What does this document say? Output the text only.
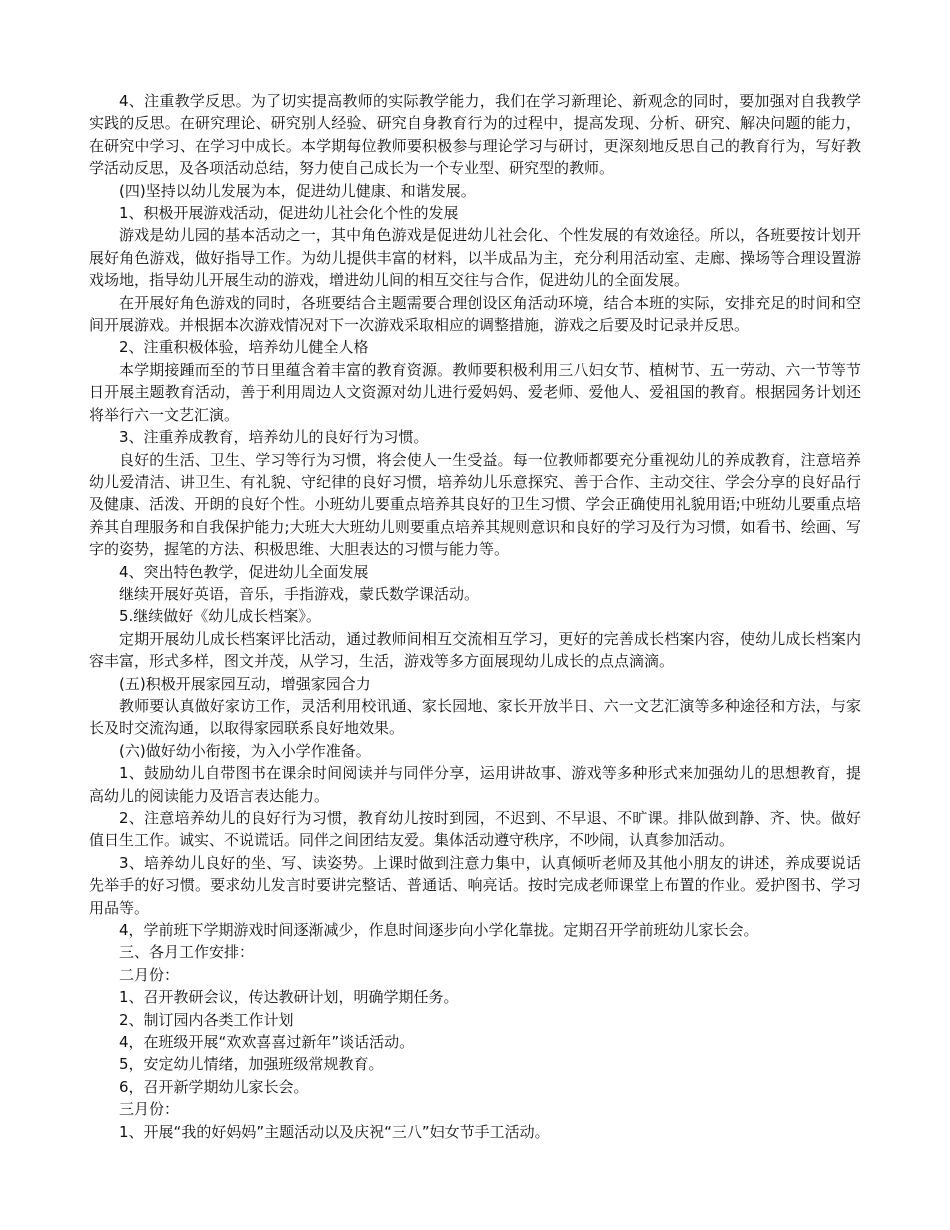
4、注重教学反思。为了切实提高教师的实际教学能力，我们在学习新理论、新观念的同时，要加强对自我教学实践的反思。在研究理论、研究别人经验、研究自身教育行为的过程中，提高发现、分析、研究、解决问题的能力，在研究中学习、在学习中成长。本学期每位教师要积极参与理论学习与研讨，更深刻地反思自己的教育行为，写好教学活动反思，及各项活动总结，努力使自己成长为一个专业型、研究型的教师。

(四)坚持以幼儿发展为本，促进幼儿健康、和谐发展。

1、积极开展游戏活动，促进幼儿社会化个性的发展

游戏是幼儿园的基本活动之一，其中角色游戏是促进幼儿社会化、个性发展的有效途径。所以，各班要按计划开展好角色游戏，做好指导工作。为幼儿提供丰富的材料，以半成品为主，充分利用活动室、走廊、操场等合理设置游戏场地，指导幼儿开展生动的游戏，增进幼儿间的相互交往与合作，促进幼儿的全面发展。

在开展好角色游戏的同时，各班要结合主题需要合理创设区角活动环境，结合本班的实际，安排充足的时间和空间开展游戏。并根据本次游戏情况对下一次游戏采取相应的调整措施，游戏之后要及时记录并反思。

2、注重积极体验，培养幼儿健全人格

本学期接踵而至的节日里蕴含着丰富的教育资源。教师要积极利用三八妇女节、植树节、五一劳动、六一节等节日开展主题教育活动，善于利用周边人文资源对幼儿进行爱妈妈、爱老师、爱他人、爱祖国的教育。根据园务计划还将举行六一文艺汇演。

3、注重养成教育，培养幼儿的良好行为习惯。

良好的生活、卫生、学习等行为习惯，将会使人一生受益。每一位教师都要充分重视幼儿的养成教育，注意培养幼儿爱清洁、讲卫生、有礼貌、守纪律的良好习惯，培养幼儿乐意探究、善于合作、主动交往、学会分享的良好品行及健康、活泼、开朗的良好个性。小班幼儿要重点培养其良好的卫生习惯、学会正确使用礼貌用语;中班幼儿要重点培养其自理服务和自我保护能力;大班大大班幼儿则要重点培养其规则意识和良好的学习及行为习惯，如看书、绘画、写字的姿势，握笔的方法、积极思维、大胆表达的习惯与能力等。

4、突出特色教学，促进幼儿全面发展

继续开展好英语，音乐，手指游戏，蒙氏数学课活动。

5.继续做好《幼儿成长档案》。

定期开展幼儿成长档案评比活动，通过教师间相互交流相互学习，更好的完善成长档案内容，使幼儿成长档案内容丰富，形式多样，图文并茂，从学习，生活，游戏等多方面展现幼儿成长的点点滴滴。

(五)积极开展家园互动，增强家园合力

教师要认真做好家访工作，灵活利用校讯通、家长园地、家长开放半日、六一文艺汇演等多种途径和方法，与家长及时交流沟通，以取得家园联系良好地效果。

(六)做好幼小衔接，为入小学作准备。

1、鼓励幼儿自带图书在课余时间阅读并与同伴分享，运用讲故事、游戏等多种形式来加强幼儿的思想教育，提高幼儿的阅读能力及语言表达能力。

2、注意培养幼儿的良好行为习惯，教育幼儿按时到园，不迟到、不早退、不旷课。排队做到静、齐、快。做好值日生工作。诚实、不说谎话。同伴之间团结友爱。集体活动遵守秩序，不吵闹，认真参加活动。

3、培养幼儿良好的坐、写、读姿势。上课时做到注意力集中，认真倾听老师及其他小朋友的讲述，养成要说话先举手的好习惯。要求幼儿发言时要讲完整话、普通话、响亮话。按时完成老师课堂上布置的作业。爱护图书、学习用品等。

4，学前班下学期游戏时间逐渐减少，作息时间逐步向小学化靠拢。定期召开学前班幼儿家长会。

三、各月工作安排：

二月份：

1、召开教研会议，传达教研计划，明确学期任务。

2、制订园内各类工作计划

4，在班级开展“欢欢喜喜过新年”谈话活动。

5，安定幼儿情绪，加强班级常规教育。

6，召开新学期幼儿家长会。

三月份：

1、开展“我的好妈妈”主题活动以及庆祝“三八”妇女节手工活动。
